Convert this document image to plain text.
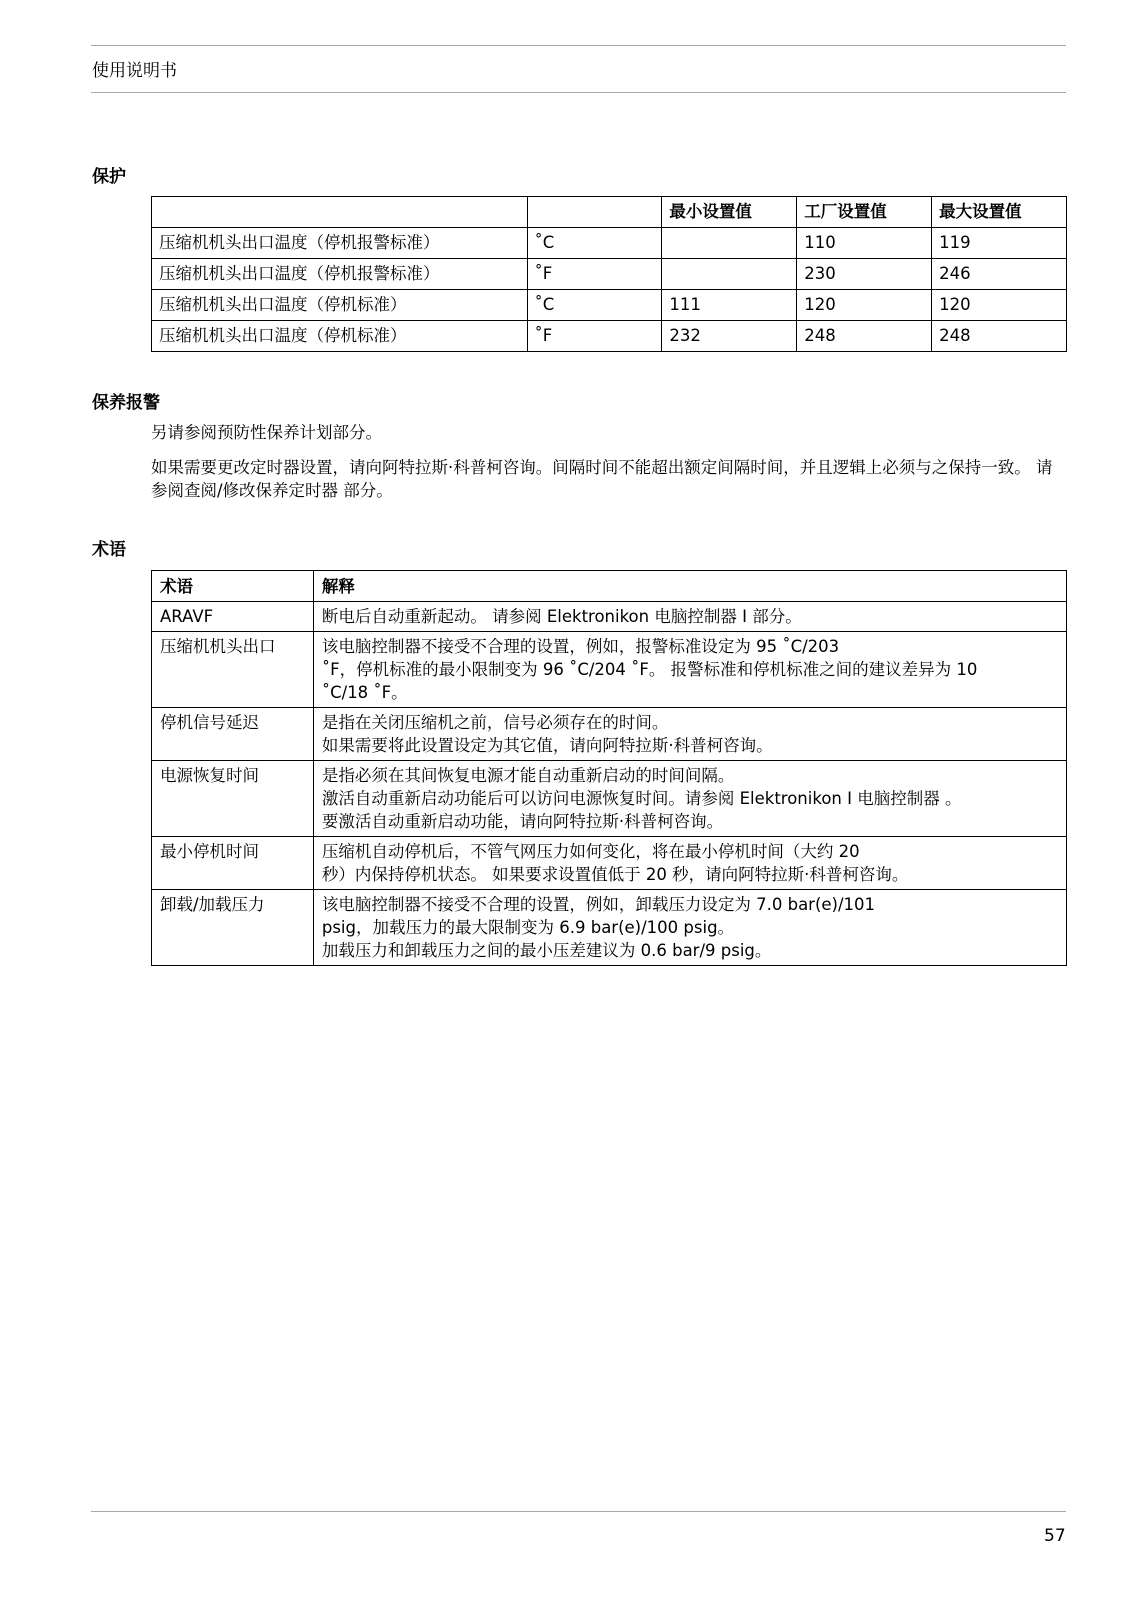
使用说明书
保护
		最小设置值	工厂设置值	最大设置值
压缩机机头出口温度（停机报警标准）	˚C		110	119
压缩机机头出口温度（停机报警标准）	˚F		230	246
压缩机机头出口温度（停机标准）	˚C	111	120	120
压缩机机头出口温度（停机标准）	˚F	232	248	248
保养报警
另请参阅预防性保养计划部分。
如果需要更改定时器设置，请向阿特拉斯·科普柯咨询。间隔时间不能超出额定间隔时间，并且逻辑上必须与之保持一致。 请参阅查阅/修改保养定时器 部分。
术语
术语	解释
ARAVF	断电后自动重新起动。 请参阅 Elektronikon 电脑控制器 I 部分。

压缩机机头出口	该电脑控制器不接受不合理的设置，例如，报警标准设定为 95 ˚C/203
˚F，停机标准的最小限制变为 96 ˚C/204 ˚F。 报警标准和停机标准之间的建议差异为 10
˚C/18 ˚F。

停机信号延迟	是指在关闭压缩机之前，信号必须存在的时间。
如果需要将此设置设定为其它值，请向阿特拉斯·科普柯咨询。

电源恢复时间	是指必须在其间恢复电源才能自动重新启动的时间间隔。
激活自动重新启动功能后可以访问电源恢复时间。请参阅 Elektronikon I 电脑控制器 。
要激活自动重新启动功能，请向阿特拉斯·科普柯咨询。

最小停机时间	压缩机自动停机后，不管气网压力如何变化，将在最小停机时间（大约 20
秒）内保持停机状态。 如果要求设置值低于 20 秒，请向阿特拉斯·科普柯咨询。

卸载/加载压力	该电脑控制器不接受不合理的设置，例如，卸载压力设定为 7.0 bar(e)/101
psig，加载压力的最大限制变为 6.9 bar(e)/100 psig。
加载压力和卸载压力之间的最小压差建议为 0.6 bar/9 psig。
57
